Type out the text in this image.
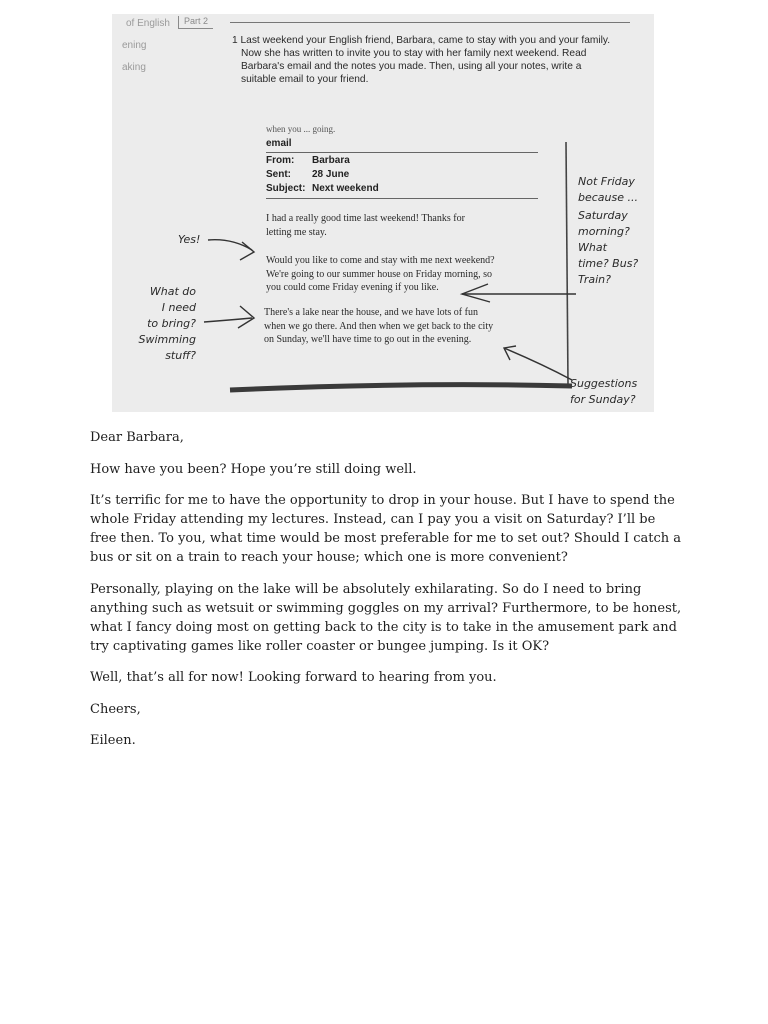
of English
ening
aking
Part 2

1 Last weekend your English friend, Barbara, came to stay with you and your family.

Now she has written to invite you to stay with her family next weekend. Read

Barbara's email and the notes you made. Then, using all your notes, write a

suitable email to your friend.

when you ... going.
email
From: Barbara
Sent: 28 June
Subject: Next weekend

I had a really good time last weekend! Thanks for

letting me stay.

Would you like to come and stay with me next weekend?

We're going to our summer house on Friday morning, so

you could come Friday evening if you like.

There's a lake near the house, and we have lots of fun

when we go there. And then when we get back to the city

on Sunday, we'll have time to go out in the evening.

Yes!

What do

I need

to bring?

Swimming

stuff?

Not Friday

because ...

Saturday

morning?

What

time? Bus?

Train?

Suggestions

for Sunday?

Dear Barbara,

How have you been? Hope you’re still doing well.

It’s terrific for me to have the opportunity to drop in your house. But I have to spend the whole Friday attending my lectures. Instead, can I pay you a visit on Saturday? I’ll be free then. To you, what time would be most preferable for me to set out? Should I catch a bus or sit on a train to reach your house; which one is more convenient?

Personally, playing on the lake will be absolutely exhilarating. So do I need to bring anything such as wetsuit or swimming goggles on my arrival? Furthermore, to be honest, what I fancy doing most on getting back to the city is to take in the amusement park and try captivating games like roller coaster or bungee jumping. Is it OK?

Well, that’s all for now! Looking forward to hearing from you.

Cheers,

Eileen.
